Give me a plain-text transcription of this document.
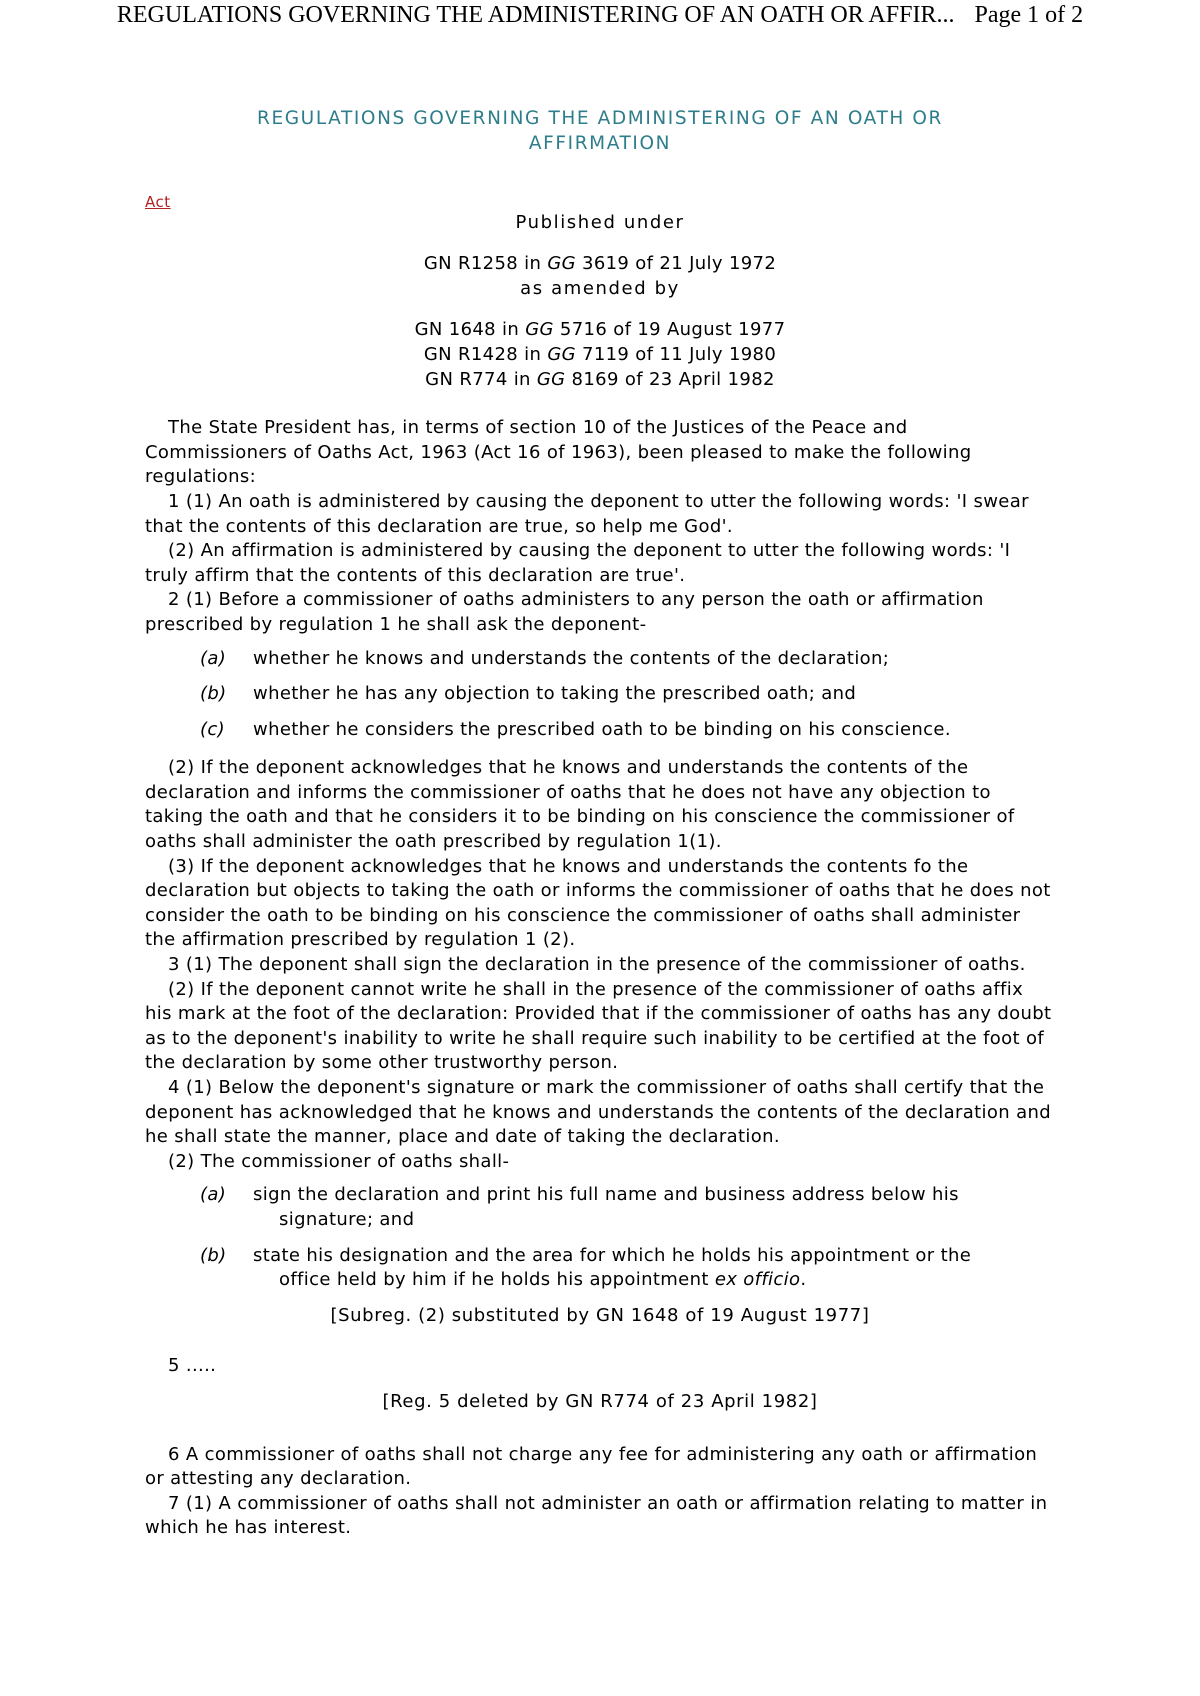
REGULATIONS GOVERNING THE ADMINISTERING OF AN OATH OR AFFIR... Page 1 of 2
REGULATIONS GOVERNING THE ADMINISTERING OF AN OATH OR AFFIRMATION
Act
Published under
GN R1258 in GG 3619 of 21 July 1972
as amended by
GN 1648 in GG 5716 of 19 August 1977
GN R1428 in GG 7119 of 11 July 1980
GN R774 in GG 8169 of 23 April 1982

The State President has, in terms of section 10 of the Justices of the Peace and Commissioners of Oaths Act, 1963 (Act 16 of 1963), been pleased to make the following regulations:

1 (1) An oath is administered by causing the deponent to utter the following words: 'I swear that the contents of this declaration are true, so help me God'.

(2) An affirmation is administered by causing the deponent to utter the following words: 'I truly affirm that the contents of this declaration are true'.

2 (1) Before a commissioner of oaths administers to any person the oath or affirmation prescribed by regulation 1 he shall ask the deponent-

(a) whether he knows and understands the contents of the declaration;
(b) whether he has any objection to taking the prescribed oath; and
(c) whether he considers the prescribed oath to be binding on his conscience.

(2) If the deponent acknowledges that he knows and understands the contents of the declaration and informs the commissioner of oaths that he does not have any objection to taking the oath and that he considers it to be binding on his conscience the commissioner of oaths shall administer the oath prescribed by regulation 1(1).

(3) If the deponent acknowledges that he knows and understands the contents fo the declaration but objects to taking the oath or informs the commissioner of oaths that he does not consider the oath to be binding on his conscience the commissioner of oaths shall administer the affirmation prescribed by regulation 1 (2).

3 (1) The deponent shall sign the declaration in the presence of the commissioner of oaths.

(2) If the deponent cannot write he shall in the presence of the commissioner of oaths affix his mark at the foot of the declaration: Provided that if the commissioner of oaths has any doubt as to the deponent's inability to write he shall require such inability to be certified at the foot of the declaration by some other trustworthy person.

4 (1) Below the deponent's signature or mark the commissioner of oaths shall certify that the deponent has acknowledged that he knows and understands the contents of the declaration and he shall state the manner, place and date of taking the declaration.

(2) The commissioner of oaths shall-

(a) sign the declaration and print his full name and business address below his
signature; and
(b) state his designation and the area for which he holds his appointment or the
office held by him if he holds his appointment ex officio.
[Subreg. (2) substituted by GN 1648 of 19 August 1977]

5 .....

[Reg. 5 deleted by GN R774 of 23 April 1982]

6 A commissioner of oaths shall not charge any fee for administering any oath or affirmation or attesting any declaration.

7 (1) A commissioner of oaths shall not administer an oath or affirmation relating to matter in which he has interest.
